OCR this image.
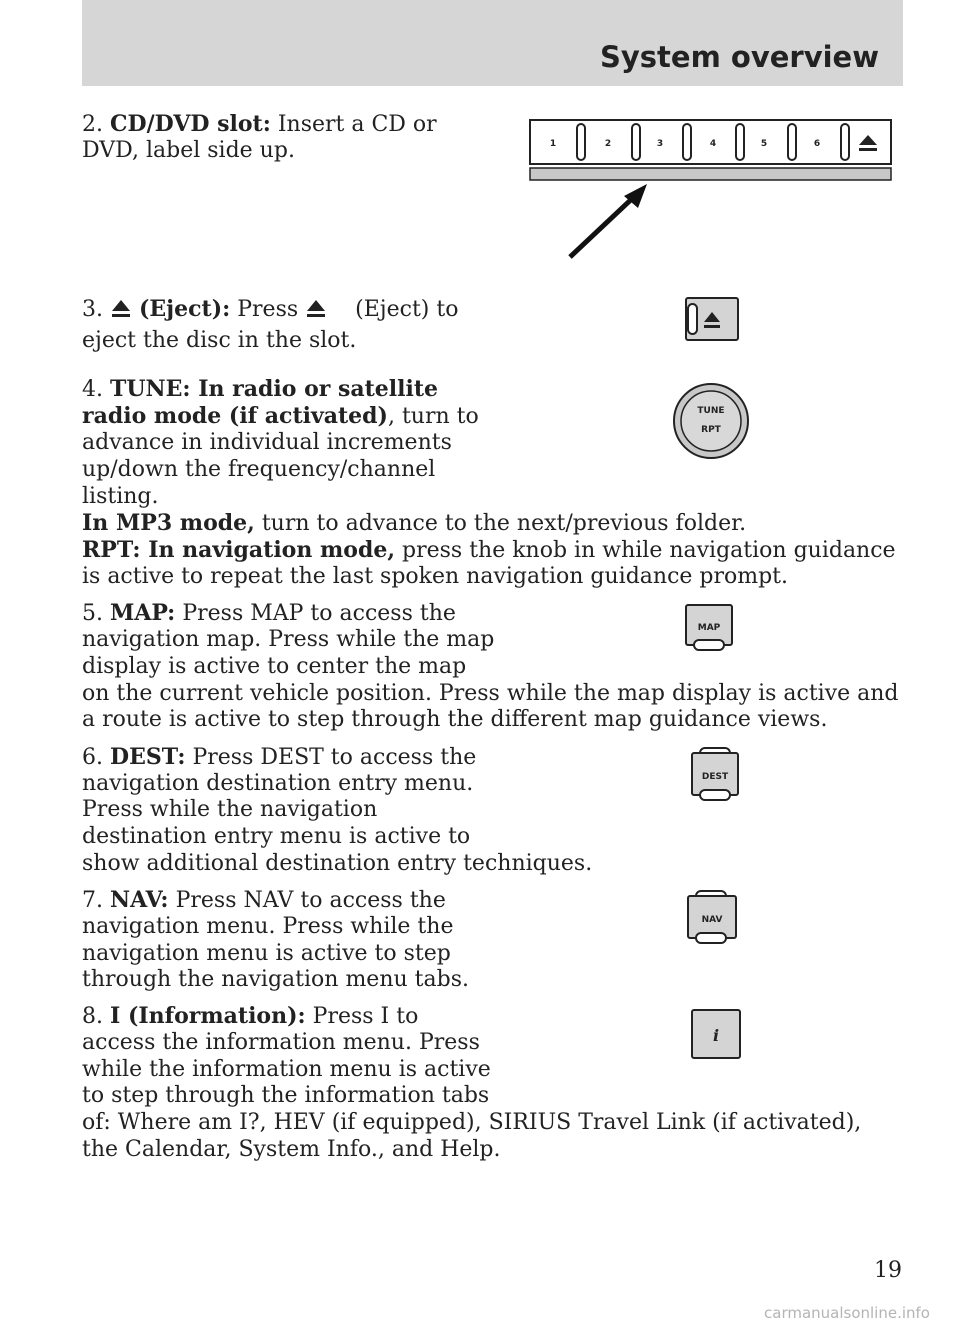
System overview

2. CD/DVD slot: Insert a CD or

DVD, label side up.	1	2	3	4	5	6

3. (Eject): Press	(Eject) to

eject the disc in the slot.

4. TUNE: In radio or satellite

radio mode (if activated), turn to

advance in individual increments

up/down the frequency/channel

listing.

In MP3 mode, turn to advance to the next/previous folder.

RPT: In navigation mode, press the knob in while navigation guidance

is active to repeat the last spoken navigation guidance prompt.

TUNE
RPT

5. MAP: Press MAP to access the

navigation map. Press while the map

display is active to center the map

on the current vehicle position. Press while the map display is active and

a route is active to step through the different map guidance views.

MAP

6. DEST: Press DEST to access the

navigation destination entry menu.

Press while the navigation

destination entry menu is active to

show additional destination entry techniques.

DEST

7. NAV: Press NAV to access the

navigation menu. Press while the

navigation menu is active to step

through the navigation menu tabs.

NAV

8. I (Information): Press I to

access the information menu. Press

while the information menu is active

to step through the information tabs

of: Where am I?, HEV (if equipped), SIRIUS Travel Link (if activated),

the Calendar, System Info., and Help.

i
19
carmanualsonline.info
